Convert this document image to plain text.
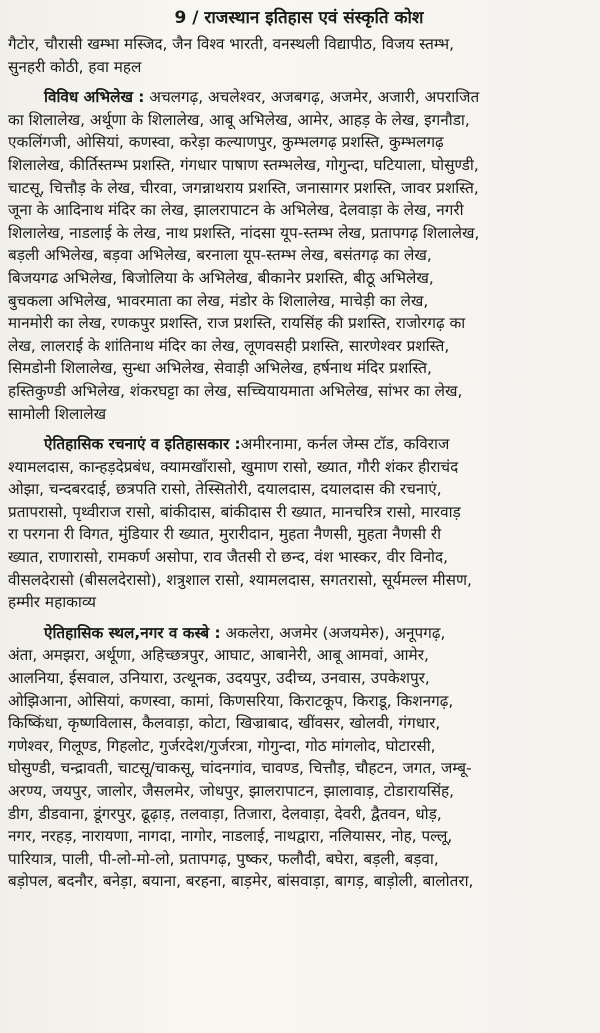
9 / राजस्थान इतिहास एवं संस्कृति कोश
गैटोर, चौरासी खम्भा मस्जिद, जैन विश्व भारती, वनस्थली विद्यापीठ, विजय स्तम्भ,
सुनहरी कोठी, हवा महल
विविध अभिलेख : अचलगढ़, अचलेश्वर, अजबगढ़, अजमेर, अजारी, अपराजित
का शिलालेख, अर्थूणा के शिलालेख, आबू अभिलेख, आमेर, आहड़ के लेख, इगनौडा,
एकलिंगजी, ओसियां, कणस्वा, करेड़ा कल्याणपुर, कुम्भलगढ़ प्रशस्ति, कुम्भलगढ़
शिलालेख, कीर्तिस्तम्भ प्रशस्ति, गंगधार पाषाण स्तम्भलेख, गोगुन्दा, घटियाला, घोसुण्डी,
चाटसू, चित्तौड़ के लेख, चीरवा, जगन्नाथराय प्रशस्ति, जनासागर प्रशस्ति, जावर प्रशस्ति,
जूना के आदिनाथ मंदिर का लेख, झालरापाटन के अभिलेख, देलवाड़ा के लेख, नगरी
शिलालेख, नाडलाई के लेख, नाथ प्रशस्ति, नांदसा यूप-स्तम्भ लेख, प्रतापगढ़ शिलालेख,
बड़ली अभिलेख, बड़वा अभिलेख, बरनाला यूप-स्तम्भ लेख, बसंतगढ़ का लेख,
बिजयगढ अभिलेख, बिजोलिया के अभिलेख, बीकानेर प्रशस्ति, बीठू अभिलेख,
बुचकला अभिलेख, भावरमाता का लेख, मंडोर के शिलालेख, माचेड़ी का लेख,
मानमोरी का लेख, रणकपुर प्रशस्ति, राज प्रशस्ति, रायसिंह की प्रशस्ति, राजोरगढ़ का
लेख, लालराई के शांतिनाथ मंदिर का लेख, लूणवसही प्रशस्ति, सारणेश्वर प्रशस्ति,
सिमडोनी शिलालेख, सुन्धा अभिलेख, सेवाड़ी अभिलेख, हर्षनाथ मंदिर प्रशस्ति,
हस्तिकुण्डी अभिलेख, शंकरघट्टा का लेख, सच्चियायमाता अभिलेख, सांभर का लेख,
सामोली शिलालेख
ऐतिहासिक रचनाएं व इतिहासकार :अमीरनामा, कर्नल जेम्स टॉड, कविराज
श्यामलदास, कान्हड़देप्रबंध, क्यामखाँरासो, खुमाण रासो, ख्यात, गौरी शंकर हीराचंद
ओझा, चन्दबरदाई, छत्रपति रासो, तेस्सितोरी, दयालदास, दयालदास की रचनाएं,
प्रतापरासो, पृथ्वीराज रासो, बांकीदास, बांकीदास री ख्यात, मानचरित्र रासो, मारवाड़
रा परगना री विगत, मुंडियार री ख्यात, मुरारीदान, मुहता नैणसी, मुहता नैणसी री
ख्यात, राणारासो, रामकर्ण असोपा, राव जैतसी रो छन्द, वंश भास्कर, वीर विनोद,
वीसलदेरासो (बीसलदेरासो), शत्रुशाल रासो, श्यामलदास, सगतरासो, सूर्यमल्ल मीसण,
हम्मीर महाकाव्य
ऐतिहासिक स्थल,नगर व कस्बे : अकलेरा, अजमेर (अजयमेरु), अनूपगढ़,
अंता, अमझरा, अर्थूणा, अहिच्छत्रपुर, आघाट, आबानेरी, आबू आमवां, आमेर,
आलनिया, ईसवाल, उनियारा, उत्थूनक, उदयपुर, उदीच्य, उनवास, उपकेशपुर,
ओझिआना, ओसियां, कणस्वा, कामां, किणसरिया, किराटकूप, किराडू, किशनगढ़,
किष्किंधा, कृष्णविलास, कैलवाड़ा, कोटा, खिज्राबाद, खींवसर, खोलवी, गंगधार,
गणेश्वर, गिलूण्ड, गिहलोट, गुर्जरदेश/गुर्जरत्रा, गोगुन्दा, गोठ मांगलोद, घोटारसी,
घोसुण्डी, चन्द्रावती, चाटसू/चाकसू, चांदनगांव, चावण्ड, चित्तौड़, चौहटन, जगत, जम्बू-
अरण्य, जयपुर, जालोर, जैसलमेर, जोधपुर, झालरापाटन, झालावाड़, टोडारायसिंह,
डीग, डीडवाना, डूंगरपुर, ढूढ़ाड़, तलवाड़ा, तिजारा, देलवाड़ा, देवरी, द्वैतवन, धोड़,
नगर, नरहड़, नारायणा, नागदा, नागोर, नाडलाई, नाथद्वारा, नलियासर, नोह, पल्लू,
पारियात्र, पाली, पी-लो-मो-लो, प्रतापगढ़, पुष्कर, फलौदी, बघेरा, बड़ली, बड़वा,
बड़ोपल, बदनौर, बनेड़ा, बयाना, बरहना, बाड़मेर, बांसवाड़ा, बागड़, बाड़ोली, बालोतरा,
